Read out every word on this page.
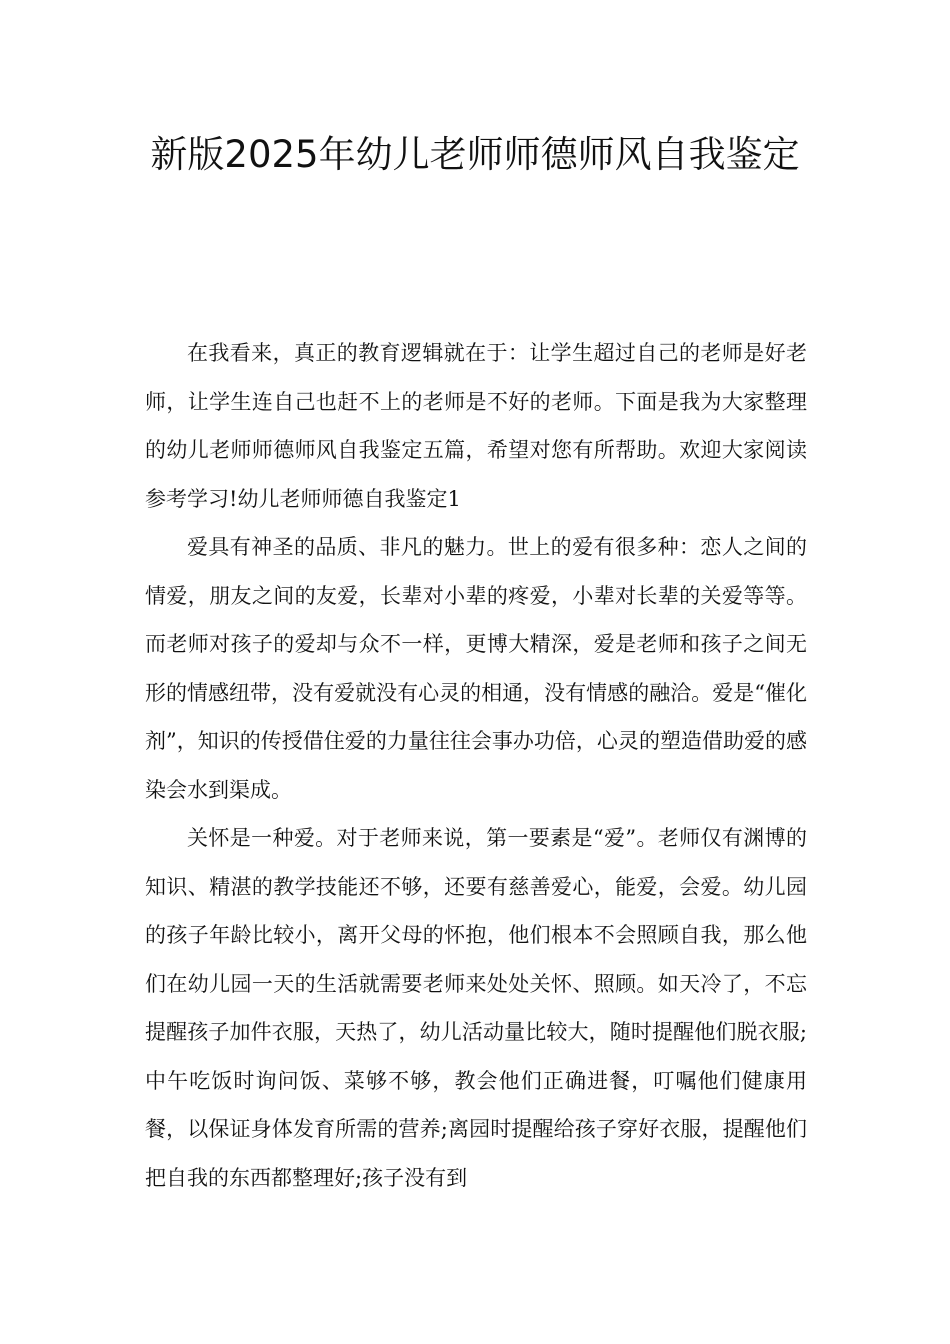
新版2025年幼儿老师师德师风自我鉴定

在我看来，真正的教育逻辑就在于：让学生超过自己的老师是好老师，让学生连自己也赶不上的老师是不好的老师。下面是我为大家整理的幼儿老师师德师风自我鉴定五篇，希望对您有所帮助。欢迎大家阅读参考学习!幼儿老师师德自我鉴定1

爱具有神圣的品质、非凡的魅力。世上的爱有很多种：恋人之间的情爱，朋友之间的友爱，长辈对小辈的疼爱，小辈对长辈的关爱等等。而老师对孩子的爱却与众不一样，更博大精深，爱是老师和孩子之间无形的情感纽带，没有爱就没有心灵的相通，没有情感的融洽。爱是“催化剂”，知识的传授借住爱的力量往往会事办功倍，心灵的塑造借助爱的感染会水到渠成。

关怀是一种爱。对于老师来说，第一要素是“爱”。老师仅有渊博的知识、精湛的教学技能还不够，还要有慈善爱心，能爱，会爱。幼儿园的孩子年龄比较小，离开父母的怀抱，他们根本不会照顾自我，那么他们在幼儿园一天的生活就需要老师来处处关怀、照顾。如天冷了，不忘提醒孩子加件衣服，天热了，幼儿活动量比较大，随时提醒他们脱衣服;中午吃饭时询问饭、菜够不够，教会他们正确进餐，叮嘱他们健康用餐，以保证身体发育所需的营养;离园时提醒给孩子穿好衣服，提醒他们把自我的东西都整理好;孩子没有到
